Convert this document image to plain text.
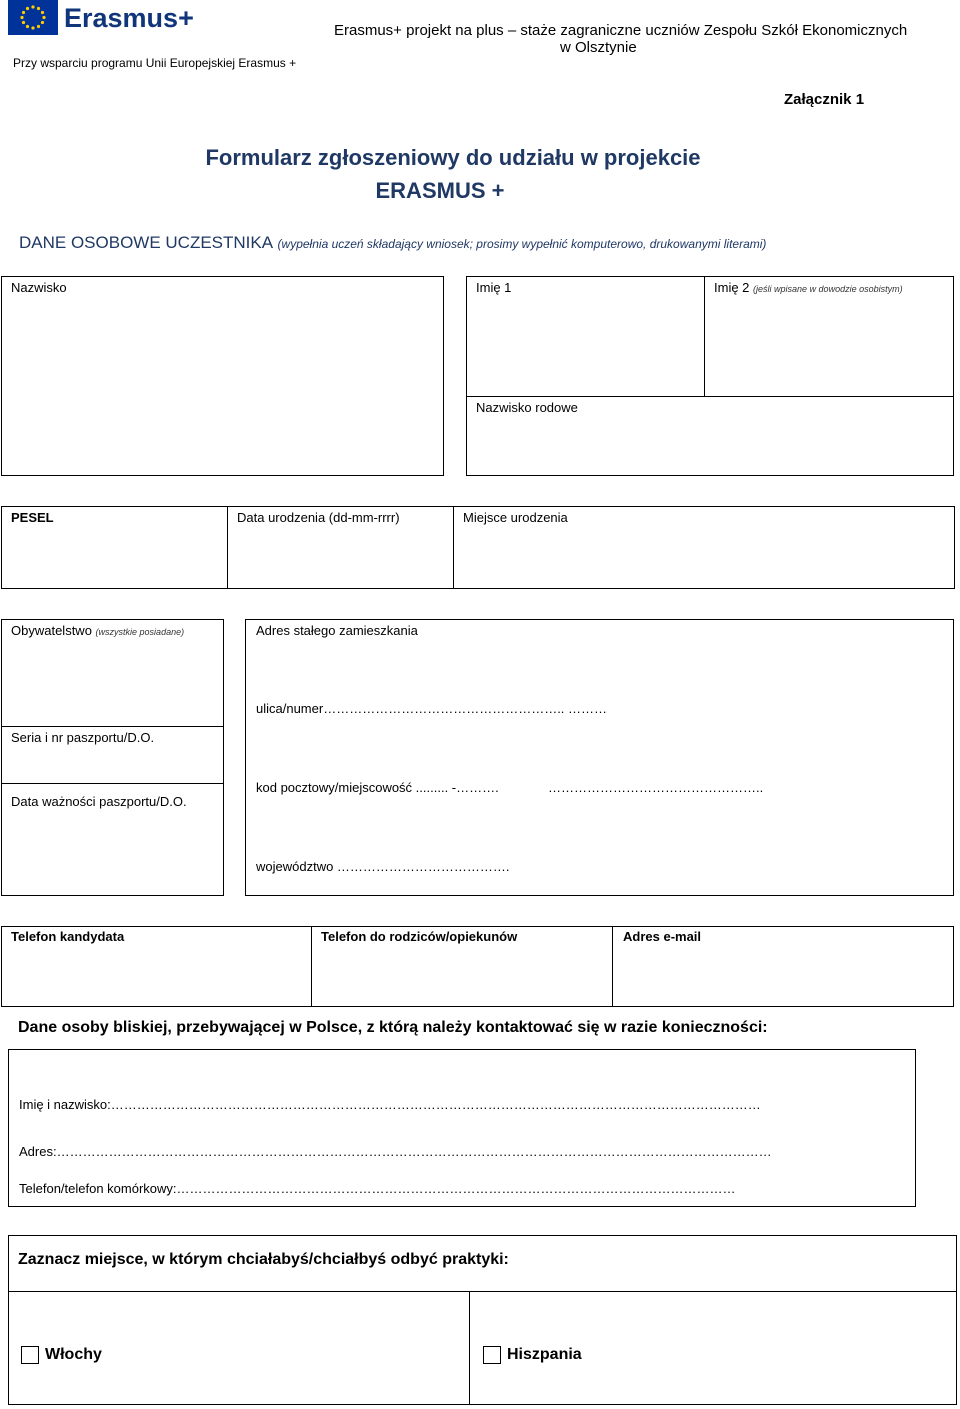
Erasmus+
Przy wsparciu programu Unii Europejskiej Erasmus +
Erasmus+ projekt na plus – staże zagraniczne uczniów Zespołu Szkół Ekonomicznych
w Olsztynie
Załącznik 1
Formularz zgłoszeniowy do udziału w projekcie
ERASMUS +
DANE OSOBOWE UCZESTNIKA (wypełnia uczeń składający wniosek; prosimy wypełnić komputerowo, drukowanymi literami)
Nazwisko	Imię 1	Imię 2 (jeśli wpisane w dowodzie osobistym)
Nazwisko rodowe
PESEL	Data urodzenia (dd-mm-rrrr)	Miejsce urodzenia
Obywatelstwo (wszystkie posiadane)
Seria i nr paszportu/D.O.
Data ważności paszportu/D.O.
Adres stałego zamieszkania
ulica/numer……………………………………………….. ………
kod pocztowy/miejscowość ......... -……….	…………………………………………..
województwo ………………………………….
Telefon kandydata	Telefon do rodziców/opiekunów	Adres e-mail
Dane osoby bliskiej, przebywającej w Polsce, z którą należy kontaktować się w razie konieczności:
Imię i nazwisko:……………………………………………………………………………………………………………………………………
Adres:…………………………………………………………………………………………………………………………………………………
Telefon/telefon komórkowy:…………………………………………………………………………………………………………………
Zaznacz miejsce, w którym chciałabyś/chciałbyś odbyć praktyki:
Włochy	Hiszpania
